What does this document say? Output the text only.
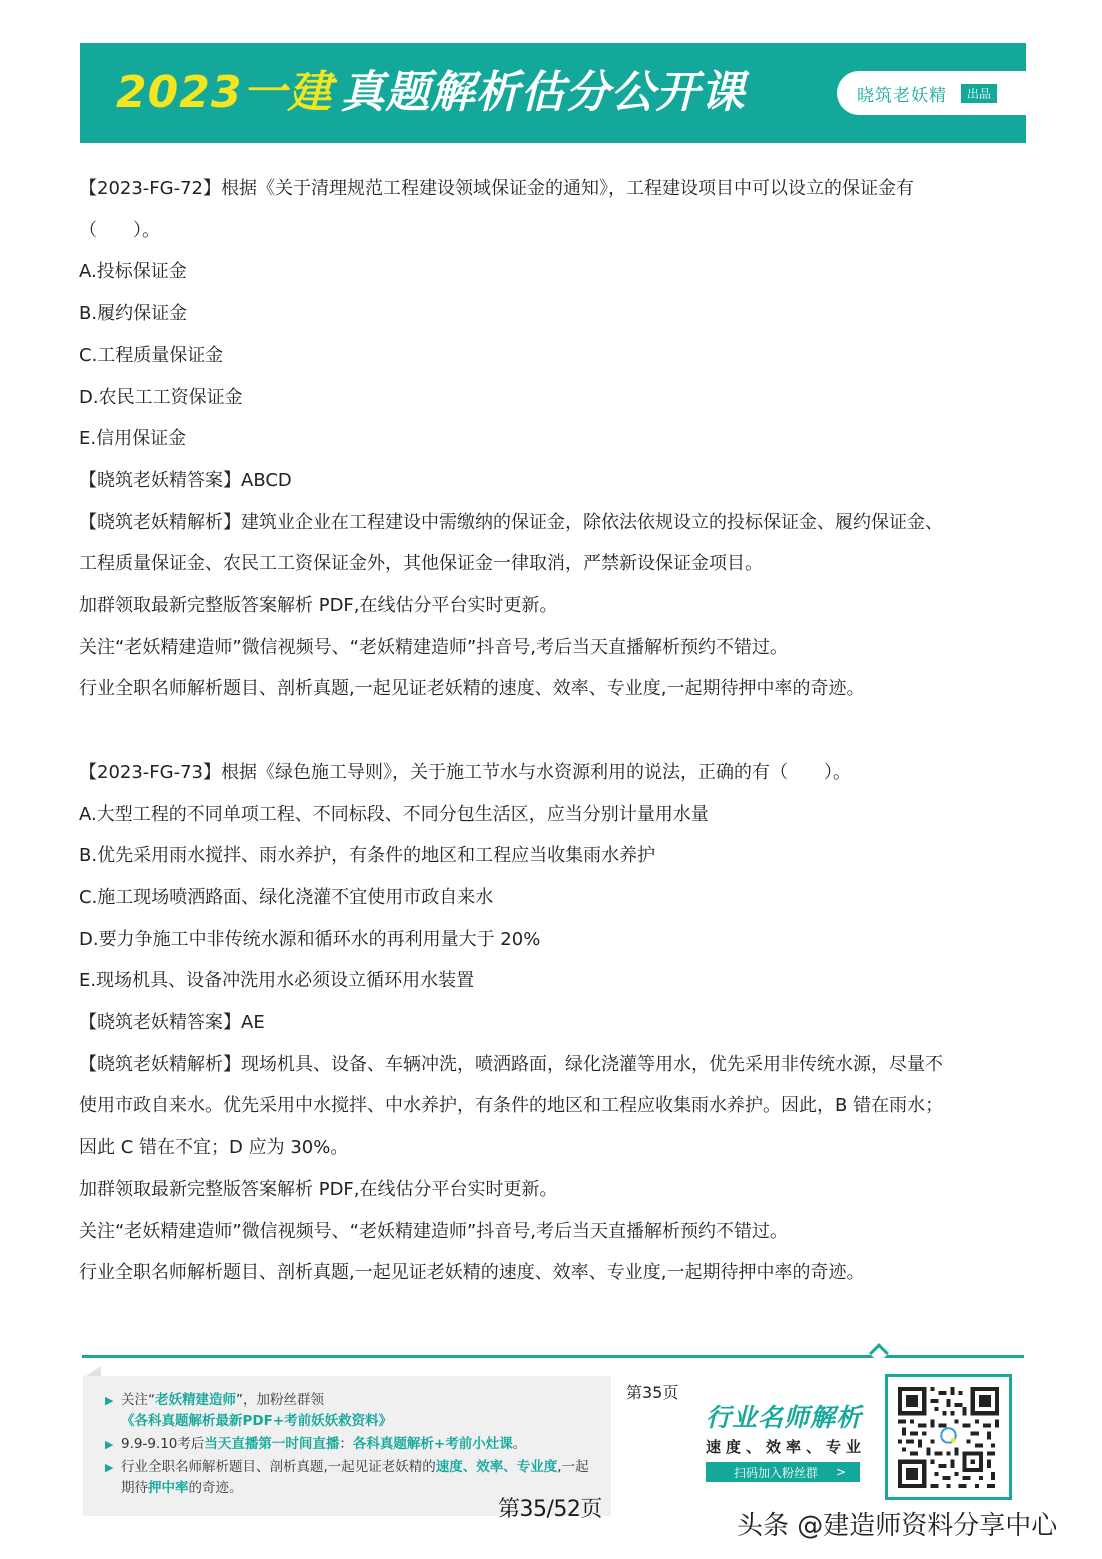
2023一建 真题解析估分公开课	晓筑老妖精	出品
【2023-FG-72】根据《关于清理规范工程建设领域保证金的通知》，工程建设项目中可以设立的保证金有
（　　）。
A.投标保证金
B.履约保证金
C.工程质量保证金
D.农民工工资保证金
E.信用保证金
【晓筑老妖精答案】ABCD
【晓筑老妖精解析】建筑业企业在工程建设中需缴纳的保证金，除依法依规设立的投标保证金、履约保证金、
工程质量保证金、农民工工资保证金外，其他保证金一律取消，严禁新设保证金项目。
加群领取最新完整版答案解析 PDF,在线估分平台实时更新。
关注“老妖精建造师”微信视频号、“老妖精建造师”抖音号,考后当天直播解析预约不错过。
行业全职名师解析题目、剖析真题,一起见证老妖精的速度、效率、专业度,一起期待押中率的奇迹。
【2023-FG-73】根据《绿色施工导则》，关于施工节水与水资源利用的说法，正确的有（　　）。
A.大型工程的不同单项工程、不同标段、不同分包生活区，应当分别计量用水量
B.优先采用雨水搅拌、雨水养护，有条件的地区和工程应当收集雨水养护
C.施工现场喷洒路面、绿化浇灌不宜使用市政自来水
D.要力争施工中非传统水源和循环水的再利用量大于 20%
E.现场机具、设备冲洗用水必须设立循环用水装置
【晓筑老妖精答案】AE
【晓筑老妖精解析】现场机具、设备、车辆冲洗，喷洒路面，绿化浇灌等用水，优先采用非传统水源，尽量不
使用市政自来水。优先采用中水搅拌、中水养护，有条件的地区和工程应收集雨水养护。因此，B 错在雨水；
因此 C 错在不宜；D 应为 30%。
加群领取最新完整版答案解析 PDF,在线估分平台实时更新。
关注“老妖精建造师”微信视频号、“老妖精建造师”抖音号,考后当天直播解析预约不错过。
行业全职名师解析题目、剖析真题,一起见证老妖精的速度、效率、专业度,一起期待押中率的奇迹。
▶ 关注“老妖精建造师”，加粉丝群领《各科真题解析最新PDF+考前妖妖救资料》
▶ 9.9-9.10考后当天直播第一时间直播：各科真题解析+考前小灶课。
▶ 行业全职名师解析题目、剖析真题,一起见证老妖精的速度、效率、专业度,一起期待押中率的奇迹。
第35页
第35/52页
行业名师解析
速度、效率、专业
扫码加入粉丝群 >
头条 @建造师资料分享中心
